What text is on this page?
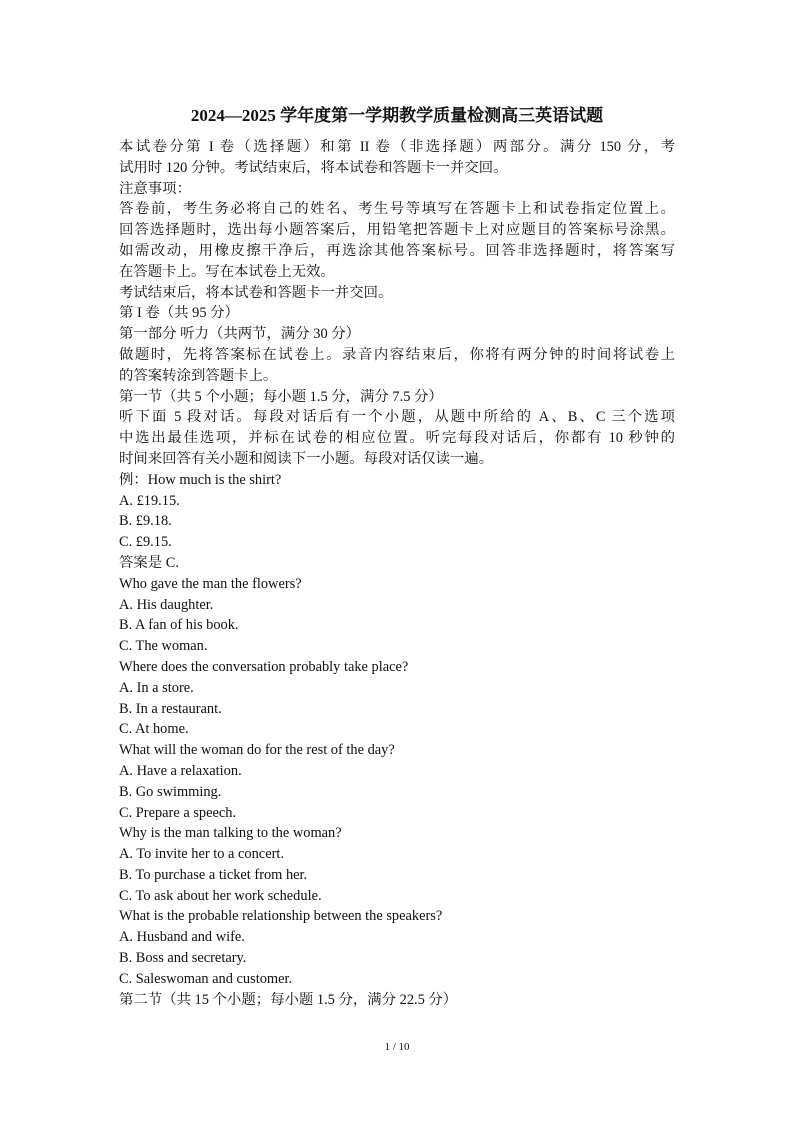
2024—2025 学年度第一学期教学质量检测高三英语试题
本试卷分第 I 卷（选择题）和第 II 卷（非选择题）两部分。满分 150 分，考
试用时 120 分钟。考试结束后，将本试卷和答题卡一并交回。
注意事项：
答卷前，考生务必将自己的姓名、考生号等填写在答题卡上和试卷指定位置上。
回答选择题时，选出每小题答案后，用铅笔把答题卡上对应题目的答案标号涂黑。
如需改动，用橡皮擦干净后，再选涂其他答案标号。回答非选择题时，将答案写
在答题卡上。写在本试卷上无效。
考试结束后，将本试卷和答题卡一并交回。
第 I 卷（共 95 分）
第一部分 听力（共两节，满分 30 分）
做题时，先将答案标在试卷上。录音内容结束后，你将有两分钟的时间将试卷上
的答案转涂到答题卡上。
第一节（共 5 个小题；每小题 1.5 分，满分 7.5 分）
听下面 5 段对话。每段对话后有一个小题，从题中所给的 A、B、C 三个选项
中选出最佳选项，并标在试卷的相应位置。听完每段对话后，你都有 10 秒钟的
时间来回答有关小题和阅读下一小题。每段对话仅读一遍。
例：How much is the shirt?
A. £19.15.
B. £9.18.
C. £9.15.
答案是 C.
Who gave the man the flowers?
A. His daughter.
B. A fan of his book.
C. The woman.
Where does the conversation probably take place?
A. In a store.
B. In a restaurant.
C. At home.
What will the woman do for the rest of the day?
A. Have a relaxation.
B. Go swimming.
C. Prepare a speech.
Why is the man talking to the woman?
A. To invite her to a concert.
B. To purchase a ticket from her.
C. To ask about her work schedule.
What is the probable relationship between the speakers?
A. Husband and wife.
B. Boss and secretary.
C. Saleswoman and customer.
第二节（共 15 个小题；每小题 1.5 分，满分 22.5 分）
1 / 10
